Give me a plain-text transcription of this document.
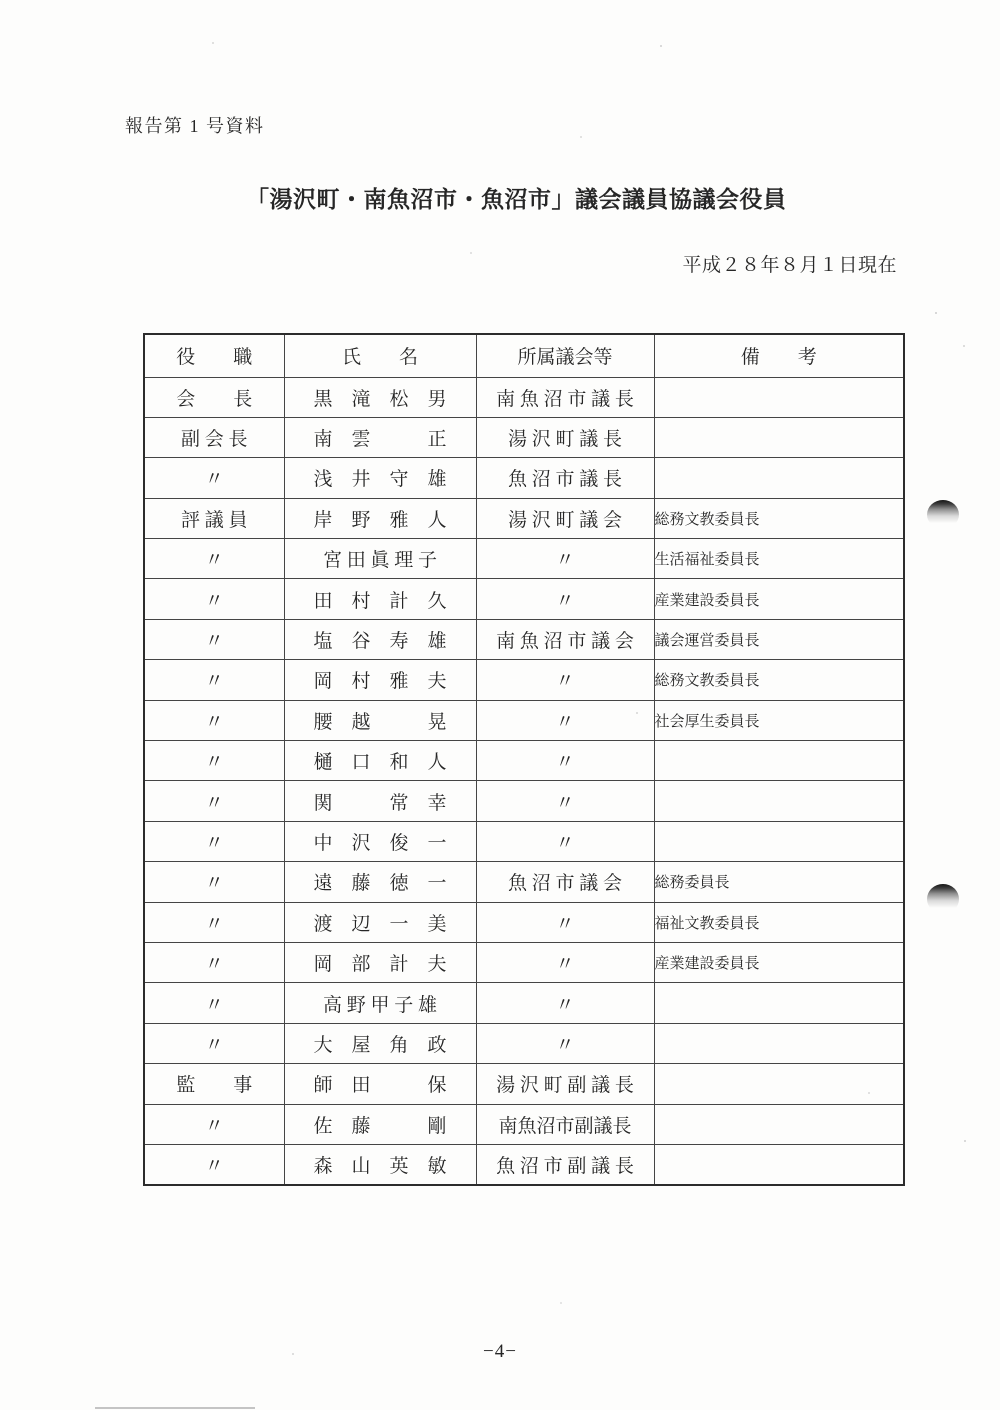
報告第 1 号資料
「湯沢町・南魚沼市・魚沼市」議会議員協議会役員
平成２８年８月１日現在
役　　職	氏　　名	所属議会等	備　　考
会　　長	黒　滝　松　男	南 魚 沼 市 議 長	
副 会 長	南　雲　　　正	湯 沢 町 議 長	
〃	浅　井　守　雄	魚 沼 市 議 長	
評 議 員	岸　野　雅　人	湯 沢 町 議 会	総務文教委員長
〃	宮 田 眞 理 子	〃	生活福祉委員長
〃	田　村　計　久	〃	産業建設委員長
〃	塩　谷　寿　雄	南 魚 沼 市 議 会	議会運営委員長
〃	岡　村　雅　夫	〃	総務文教委員長
〃	腰　越　　　晃	〃	社会厚生委員長
〃	樋　口　和　人	〃	
〃	関　　　常　幸	〃	
〃	中　沢　俊　一	〃	
〃	遠　藤　徳　一	魚 沼 市 議 会	総務委員長
〃	渡　辺　一　美	〃	福祉文教委員長
〃	岡　部　計　夫	〃	産業建設委員長
〃	高 野 甲 子 雄	〃	
〃	大　屋　角　政	〃	
監　　事	師　田　　　保	湯 沢 町 副 議 長	
〃	佐　藤　　　剛	南魚沼市副議長	
〃	森　山　英　敏	魚 沼 市 副 議 長	
−4−
